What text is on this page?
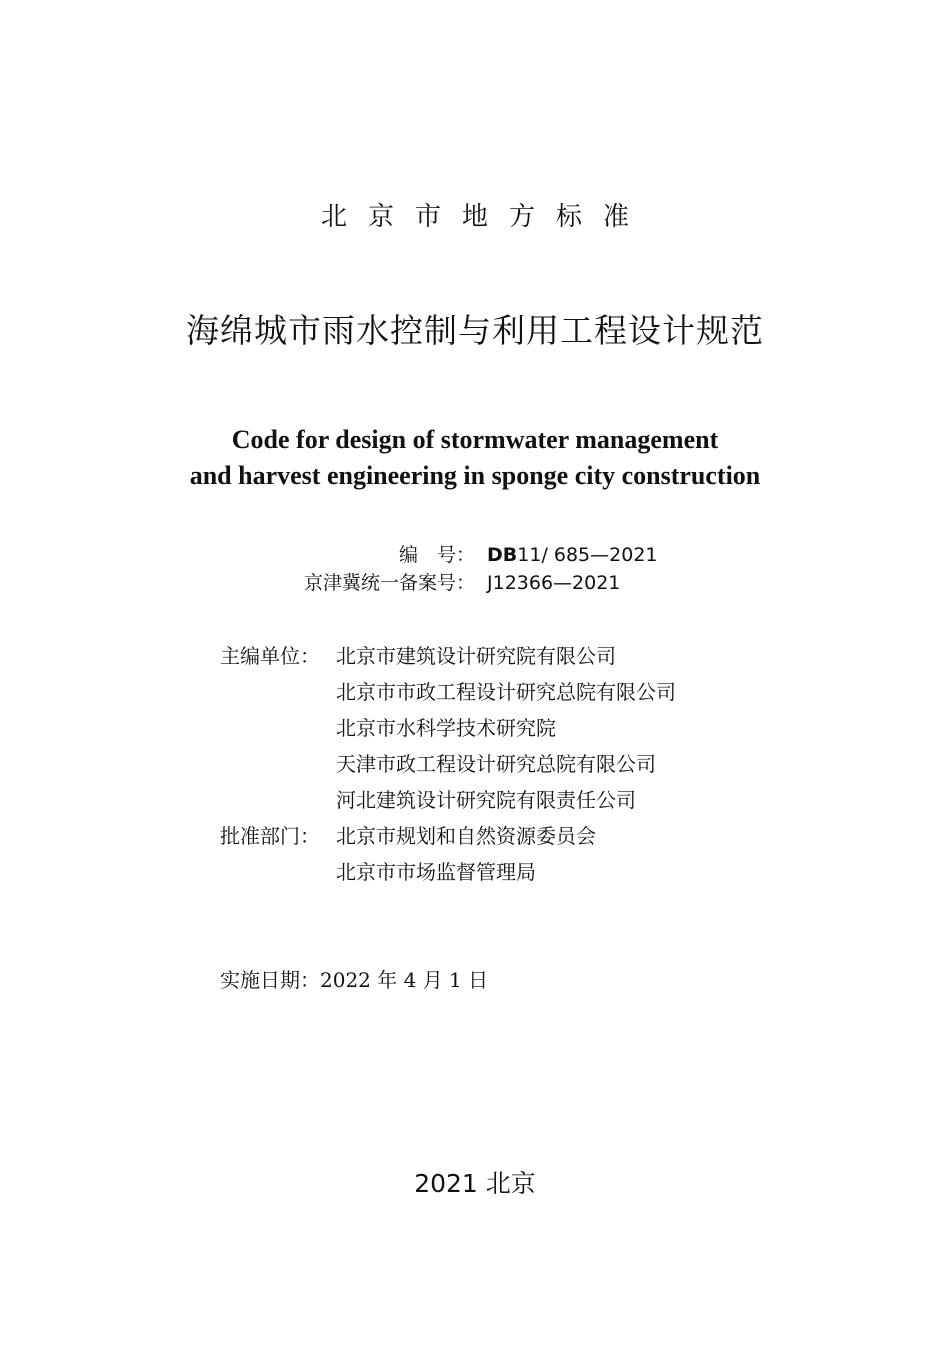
北京市地方标准
海绵城市雨水控制与利用工程设计规范
Code for design of stormwater management
and harvest engineering in sponge city construction
编　号： DB11/ 685—2021
京津冀统一备案号： J12366—2021
主编单位： 北京市建筑设计研究院有限公司
北京市市政工程设计研究总院有限公司
北京市水科学技术研究院
天津市政工程设计研究总院有限公司
河北建筑设计研究院有限责任公司
批准部门： 北京市规划和自然资源委员会
北京市市场监督管理局
实施日期：2022 年 4 月 1 日
2021 北京
